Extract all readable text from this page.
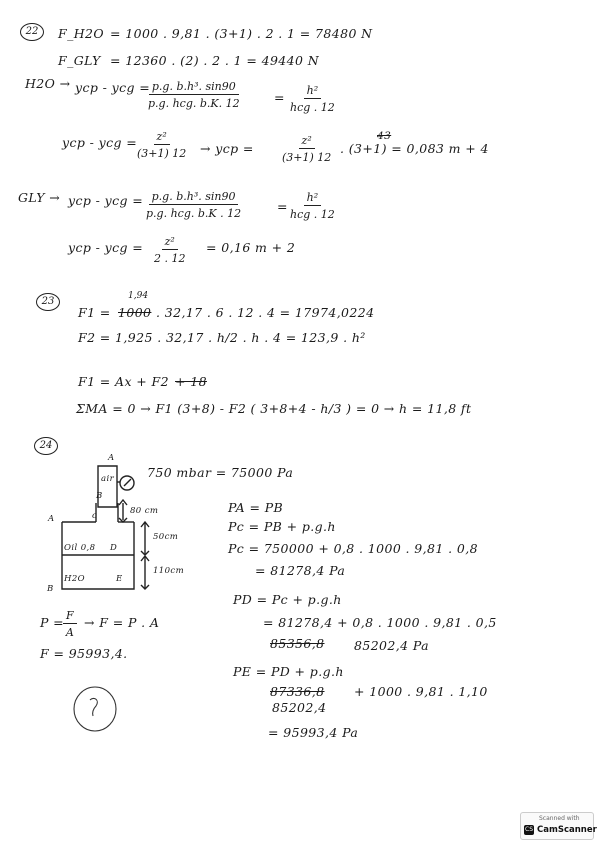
22	F_H2O = 1000 . 9,81 . (3+1) . 2 . 1 = 78480 N
F_GLY = 12360 . (2) . 2 . 1 = 49440 N
H2O → ycp - ycg = p.g. b.h³. sin90
p.g. hcg. b.K. 12	= h²
hcg . 12
ycp - ycg = $\frac{\text{z²}}{(3+1) 12}$ → ycp =	$\frac{\text{z²}}{(3+1) 12}$	43
. (3+1) = 0,083 m + 4
GLY → ycp - ycg = p.g. b.h³. sin90
p.g. hcg. b.K . 12	=
h²
hcg . 12
ycp - ycg = $\frac{\text{z²}}{2 . 12} = 0,16$ m + 2
23	1,94
F1 = 1000 . 32,17 . 6 . 12 . 4 = 17974,0224
F2 = 1,925 . 32,17 . h/2 . h . 4 = 123,9 . h²
F1 = Ax + F2 + 18
ΣMA = 0 → F1 (3+8) - F2 ( 3+8+4 - h/3 ) = 0 → h = 11,8 ft
24
A
air
B
c
A
Oil 0,8 D
H2O	E
B
80 cm
50cm
110cm
750 mbar = 75000 Pa
PA = PB
Pc = PB + p.g.h
Pc = 750000 + 0,8 . 1000 . 9,81 . 0,8
= 81278,4 Pa
PD = Pc + p.g.h
= 81278,4 + 0,8 . 1000 . 9,81 . 0,5
85356,8 85202,4 Pa
PE = PD + p.g.h
87336,8 + 1000 . 9,81 . 1,10
85202,4
= 95993,4 Pa
P =
$\frac{F}{A} \to F = P$ . A
F = 95993,4.
Scanned with
CS CamScanner
